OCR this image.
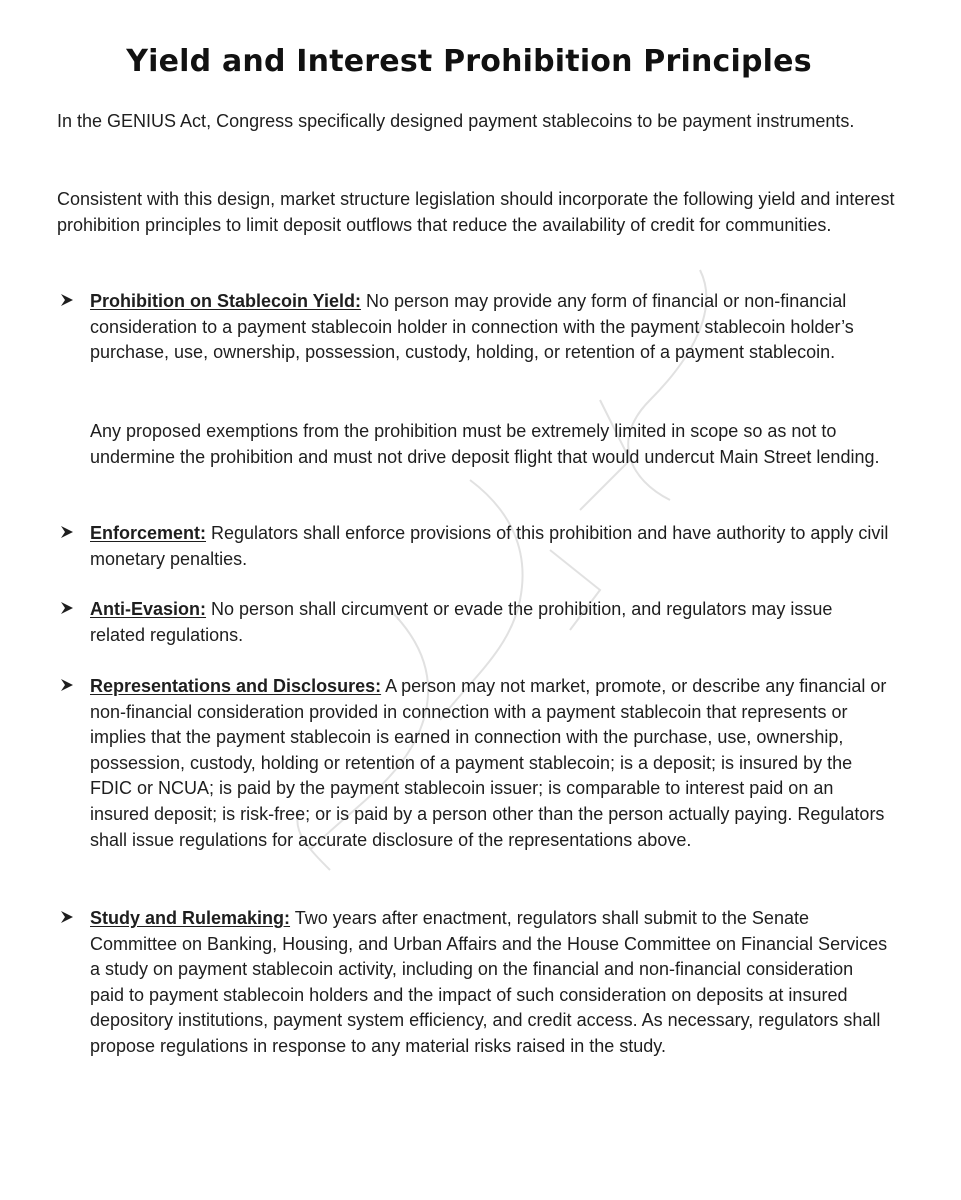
Yield and Interest Prohibition Principles

In the GENIUS Act, Congress specifically designed payment stablecoins to be payment instruments.

Consistent with this design, market structure legislation should incorporate the following yield and interest prohibition principles to limit deposit outflows that reduce the availability of credit for communities.

Prohibition on Stablecoin Yield: No person may provide any form of financial or non-financial consideration to a payment stablecoin holder in connection with the payment stablecoin holder’s purchase, use, ownership, possession, custody, holding, or retention of a payment stablecoin.

Any proposed exemptions from the prohibition must be extremely limited in scope so as not to undermine the prohibition and must not drive deposit flight that would undercut Main Street lending.

Enforcement: Regulators shall enforce provisions of this prohibition and have authority to apply civil monetary penalties.

Anti-Evasion: No person shall circumvent or evade the prohibition, and regulators may issue related regulations.

Representations and Disclosures: A person may not market, promote, or describe any financial or non-financial consideration provided in connection with a payment stablecoin that represents or implies that the payment stablecoin is earned in connection with the purchase, use, ownership, possession, custody, holding or retention of a payment stablecoin; is a deposit; is insured by the FDIC or NCUA; is paid by the payment stablecoin issuer; is comparable to interest paid on an insured deposit; is risk-free; or is paid by a person other than the person actually paying. Regulators shall issue regulations for accurate disclosure of the representations above.

Study and Rulemaking: Two years after enactment, regulators shall submit to the Senate Committee on Banking, Housing, and Urban Affairs and the House Committee on Financial Services a study on payment stablecoin activity, including on the financial and non-financial consideration paid to payment stablecoin holders and the impact of such consideration on deposits at insured depository institutions, payment system efficiency, and credit access. As necessary, regulators shall propose regulations in response to any material risks raised in the study.
